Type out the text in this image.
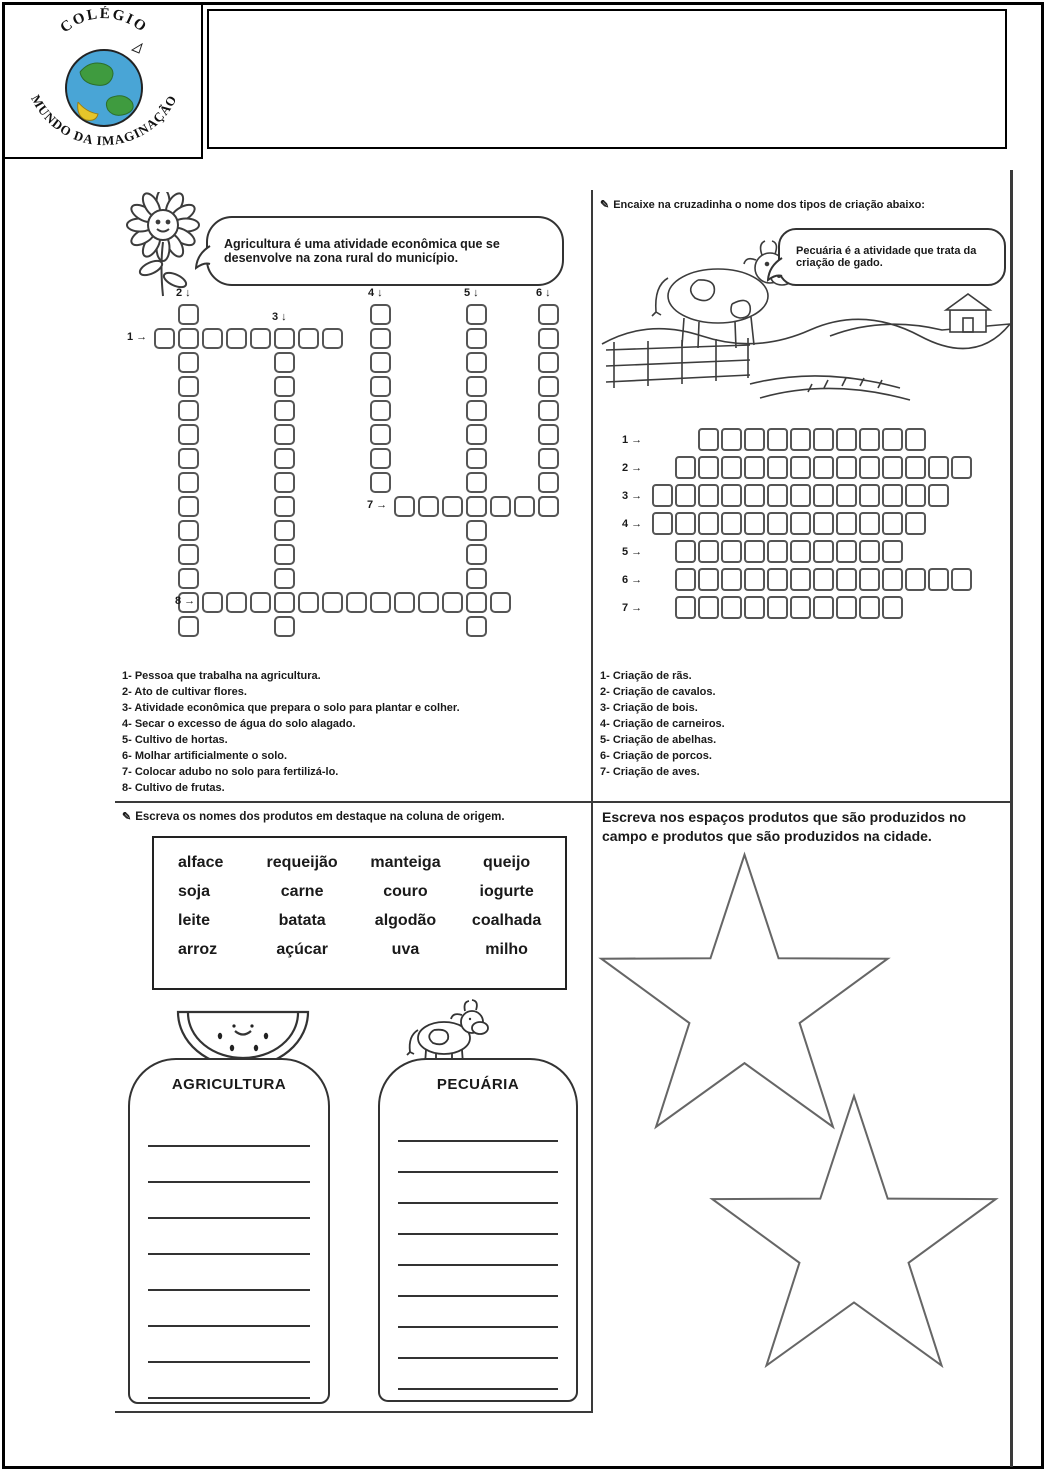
COLÉGIO
MUNDO DA IMAGINAÇÃO
Agricultura é uma atividade econômica que se desenvolve na zona rural do município.
1 →
2 ↓
3 ↓
4 ↓	5 ↓	6 ↓
7 →
8 →
1- Pessoa que trabalha na agricultura.
2- Ato de cultivar flores.
3- Atividade econômica que prepara o solo para plantar e colher.
4- Secar o excesso de água do solo alagado.
5- Cultivo de hortas.
6- Molhar artificialmente o solo.
7- Colocar adubo no solo para fertilizá-lo.
8- Cultivo de frutas.
✎ Encaixe na cruzadinha o nome dos tipos de criação abaixo:
Pecuária é a atividade que trata da criação de gado.
1 →
2 →
3 →
4 →
5 →
6 →
7 →
1- Criação de rãs.
2- Criação de cavalos.
3- Criação de bois.
4- Criação de carneiros.
5- Criação de abelhas.
6- Criação de porcos.
7- Criação de aves.
✎ Escreva os nomes dos produtos em destaque na coluna de origem.
alface	requeijão	manteiga	queijo
soja	carne	couro	iogurte
leite	batata	algodão	coalhada
arroz	açúcar	uva	milho
AGRICULTURA	PECUÁRIA
Escreva nos espaços produtos que são produzidos no campo e produtos que são produzidos na cidade.
